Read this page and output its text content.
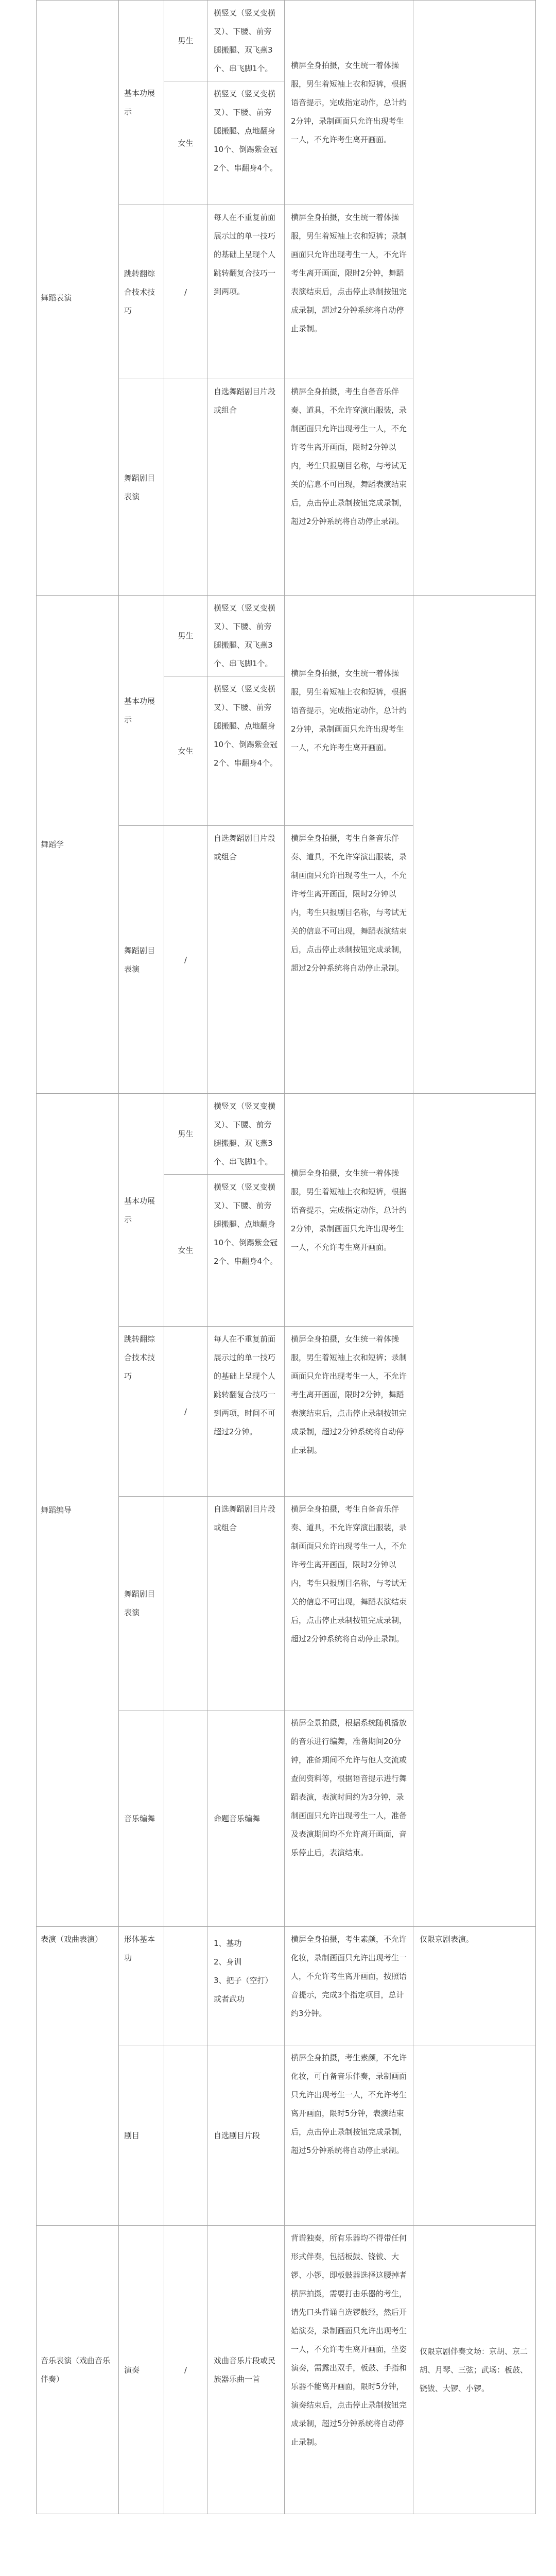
舞蹈表演	基本功展示	男生	横竖叉（竖叉变横叉）、下腰、前旁腿搬腿、双飞燕3个、串飞脚1个。	横屏全身拍摄，女生统一着体操服，男生着短袖上衣和短裤，根据语音提示，完成指定动作，总计约2分钟，录制画面只允许出现考生一人，不允许考生离开画面。	
		女生	横竖叉（竖叉变横叉）、下腰、前旁腿搬腿、点地翻身10个、倒踢紫金冠2个、串翻身4个。		
	跳转翻综合技术技巧	/	每人在不重复前面展示过的单一技巧的基础上呈现个人跳转翻复合技巧一到两项。	横屏全身拍摄，女生统一着体操服，男生着短袖上衣和短裤；录制画面只允许出现考生一人，不允许考生离开画面，限时2分钟，舞蹈表演结束后，点击停止录制按钮完成录制，超过2分钟系统将自动停止录制。	
	舞蹈剧目表演		自选舞蹈剧目片段或组合	横屏全身拍摄，考生自备音乐伴奏、道具，不允许穿演出服装，录制画面只允许出现考生一人，不允许考生离开画面，限时2分钟以内，考生只报剧目名称，与考试无关的信息不可出现，舞蹈表演结束后，点击停止录制按钮完成录制，超过2分钟系统将自动停止录制。	
舞蹈学	基本功展示	男生	横竖叉（竖叉变横叉）、下腰、前旁腿搬腿、双飞燕3个、串飞脚1个。	横屏全身拍摄，女生统一着体操服，男生着短袖上衣和短裤，根据语音提示，完成指定动作，总计约2分钟，录制画面只允许出现考生一人，不允许考生离开画面。	
		女生	横竖叉（竖叉变横叉）、下腰、前旁腿搬腿、点地翻身10个、倒踢紫金冠2个、串翻身4个。		
	舞蹈剧目表演	/	自选舞蹈剧目片段或组合	横屏全身拍摄，考生自备音乐伴奏、道具，不允许穿演出服装，录制画面只允许出现考生一人，不允许考生离开画面，限时2分钟以内，考生只报剧目名称，与考试无关的信息不可出现，舞蹈表演结束后，点击停止录制按钮完成录制，超过2分钟系统将自动停止录制。	
舞蹈编导	基本功展示	男生	横竖叉（竖叉变横叉）、下腰、前旁腿搬腿、双飞燕3个、串飞脚1个。	横屏全身拍摄，女生统一着体操服，男生着短袖上衣和短裤，根据语音提示，完成指定动作，总计约2分钟，录制画面只允许出现考生一人，不允许考生离开画面。	
		女生	横竖叉（竖叉变横叉）、下腰、前旁腿搬腿、点地翻身10个、倒踢紫金冠2个、串翻身4个。		
	跳转翻综合技术技巧	/	每人在不重复前面展示过的单一技巧的基础上呈现个人跳转翻复合技巧一到两项，时间不可超过2分钟。	横屏全身拍摄，女生统一着体操服，男生着短袖上衣和短裤；录制画面只允许出现考生一人，不允许考生离开画面，限时2分钟，舞蹈表演结束后，点击停止录制按钮完成录制，超过2分钟系统将自动停止录制。	
	舞蹈剧目表演		自选舞蹈剧目片段或组合	横屏全身拍摄，考生自备音乐伴奏、道具，不允许穿演出服装，录制画面只允许出现考生一人，不允许考生离开画面，限时2分钟以内，考生只报剧目名称，与考试无关的信息不可出现，舞蹈表演结束后，点击停止录制按钮完成录制，超过2分钟系统将自动停止录制。	
	音乐编舞		命题音乐编舞	横屏全景拍摄，根据系统随机播放的音乐进行编舞，准备期间20分钟，准备期间不允许与他人交流或查阅资料等，根据语音提示进行舞蹈表演，表演时间约为3分钟，录制画面只允许出现考生一人，准备及表演期间均不允许离开画面，音乐停止后，表演结束。	
表演（戏曲表演）	形体基本功		1、基功
2、身训
3、把子（空打）或者武功	横屏全身拍摄，考生素颜，不允许化妆，录制画面只允许出现考生一人，不允许考生离开画面，按照语音提示，完成3个指定项目，总计约3分钟。	仅限京剧表演。
	剧目		自选剧目片段	横屏全身拍摄，考生素颜，不允许化妆，可自备音乐伴奏，录制画面只允许出现考生一人，不允许考生离开画面，限时5分钟，表演结束后，点击停止录制按钮完成录制，超过5分钟系统将自动停止录制。	
音乐表演（戏曲音乐伴奏）	演奏	/	戏曲音乐片段或民族器乐曲一首	背谱独奏，所有乐器均不得带任何形式伴奏，包括板鼓、铙钹、大锣、小锣，即板鼓器选择这腰掉者横屏拍摄，需要打击乐器的考生，请先口头背诵自选锣鼓经，然后开始演奏，录制画面只允许出现考生一人，不允许考生离开画面，坐姿演奏，需露出双手，板鼓、手指和乐器不能离开画面，限时5分钟，演奏结束后，点击停止录制按钮完成录制，超过5分钟系统将自动停止录制。	仅限京剧伴奏文场：京胡、京二胡、月琴、三弦；武场：板鼓、铙钹、大锣、小锣。
